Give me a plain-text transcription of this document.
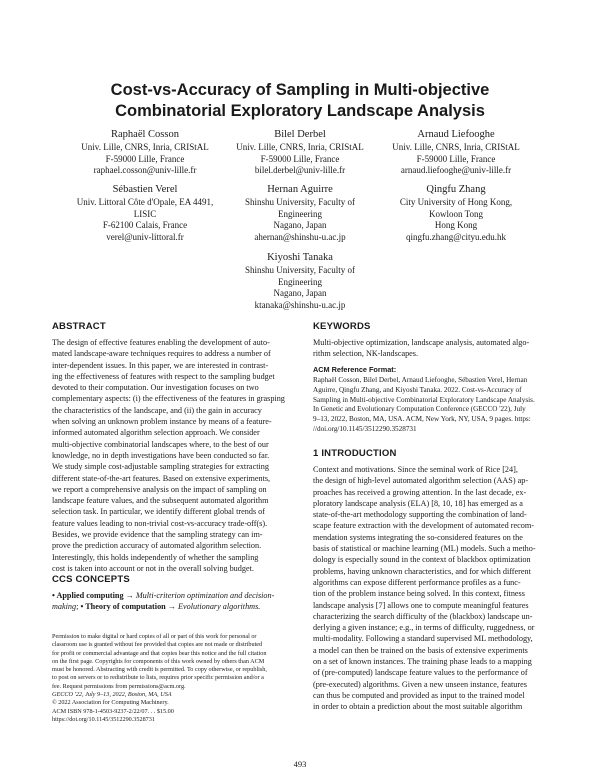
Cost-vs-Accuracy of Sampling in Multi-objective
Combinatorial Exploratory Landscape Analysis
Raphaël Cosson
Univ. Lille, CNRS, Inria, CRIStAL
F-59000 Lille, France
raphael.cosson@univ-lille.fr
Bilel Derbel
Univ. Lille, CNRS, Inria, CRIStAL
F-59000 Lille, France
bilel.derbel@univ-lille.fr
Arnaud Liefooghe
Univ. Lille, CNRS, Inria, CRIStAL
F-59000 Lille, France
arnaud.liefooghe@univ-lille.fr
Sébastien Verel
Univ. Littoral Côte d'Opale, EA 4491,
LISIC
F-62100 Calais, France
verel@univ-littoral.fr
Hernan Aguirre
Shinshu University, Faculty of
Engineering
Nagano, Japan
ahernan@shinshu-u.ac.jp
Qingfu Zhang
City University of Hong Kong,
Kowloon Tong
Hong Kong
qingfu.zhang@cityu.edu.hk
Kiyoshi Tanaka
Shinshu University, Faculty of
Engineering
Nagano, Japan
ktanaka@shinshu-u.ac.jp
ABSTRACT

The design of effective features enabling the development of auto-
mated landscape-aware techniques requires to address a number of
inter-dependent issues. In this paper, we are interested in contrast-
ing the effectiveness of features with respect to the sampling budget
devoted to their computation. Our investigation focuses on two
complementary aspects: (i) the effectiveness of the features in grasping
the characteristics of the landscape, and (ii) the gain in accuracy
when solving an unknown problem instance by means of a feature-
informed automated algorithm selection approach. We consider
multi-objective combinatorial landscapes where, to the best of our
knowledge, no in depth investigations have been conducted so far.
We study simple cost-adjustable sampling strategies for extracting
different state-of-the-art features. Based on extensive experiments,
we report a comprehensive analysis on the impact of sampling on
landscape feature values, and the subsequent automated algorithm
selection task. In particular, we identify different global trends of
feature values leading to non-trivial cost-vs-accuracy trade-off(s).
Besides, we provide evidence that the sampling strategy can im-
prove the prediction accuracy of automated algorithm selection.
Interestingly, this holds independently of whether the sampling
cost is taken into account or not in the overall solving budget.

CCS CONCEPTS

• Applied computing → Multi-criterion optimization and decision-
making; • Theory of computation → Evolutionary algorithms.

Permission to make digital or hard copies of all or part of this work for personal or
classroom use is granted without fee provided that copies are not made or distributed
for profit or commercial advantage and that copies bear this notice and the full citation
on the first page. Copyrights for components of this work owned by others than ACM
must be honored. Abstracting with credit is permitted. To copy otherwise, or republish,
to post on servers or to redistribute to lists, requires prior specific permission and/or a
fee. Request permissions from permissions@acm.org.
GECCO '22, July 9–13, 2022, Boston, MA, USA
© 2022 Association for Computing Machinery.
ACM ISBN 978-1-4503-9237-2/22/07. . . $15.00
https://doi.org/10.1145/3512290.3528731

KEYWORDS

Multi-objective optimization, landscape analysis, automated algo-
rithm selection, NK-landscapes.

ACM Reference Format:

Raphaël Cosson, Bilel Derbel, Arnaud Liefooghe, Sébastien Verel, Hernan
Aguirre, Qingfu Zhang, and Kiyoshi Tanaka. 2022. Cost-vs-Accuracy of
Sampling in Multi-objective Combinatorial Exploratory Landscape Analysis.
In Genetic and Evolutionary Computation Conference (GECCO '22), July
9–13, 2022, Boston, MA, USA. ACM, New York, NY, USA, 9 pages. https:
//doi.org/10.1145/3512290.3528731

1 INTRODUCTION

Context and motivations. Since the seminal work of Rice [24],
the design of high-level automated algorithm selection (AAS) ap-
proaches has received a growing attention. In the last decade, ex-
ploratory landscape analysis (ELA) [8, 10, 18] has emerged as a
state-of-the-art methodology supporting the combination of land-
scape feature extraction with the development of automated recom-
mendation systems integrating the so-considered features on the
basis of statistical or machine learning (ML) models. Such a metho-
dology is especially sound in the context of blackbox optimization
problems, having unknown characteristics, and for which different
algorithms can expose different performance profiles as a func-
tion of the problem instance being solved. In this context, fitness
landscape analysis [7] allows one to compute meaningful features
characterizing the search difficulty of the (blackbox) landscape un-
derlying a given instance; e.g., in terms of difficulty, ruggedness, or
multi-modality. Following a standard supervised ML methodology,
a model can then be trained on the basis of extensive experiments
on a set of known instances. The training phase leads to a mapping
of (pre-computed) landscape feature values to the performance of
(pre-executed) algorithms. Given a new unseen instance, features
can thus be computed and provided as input to the trained model
in order to obtain a prediction about the most suitable algorithm

493
